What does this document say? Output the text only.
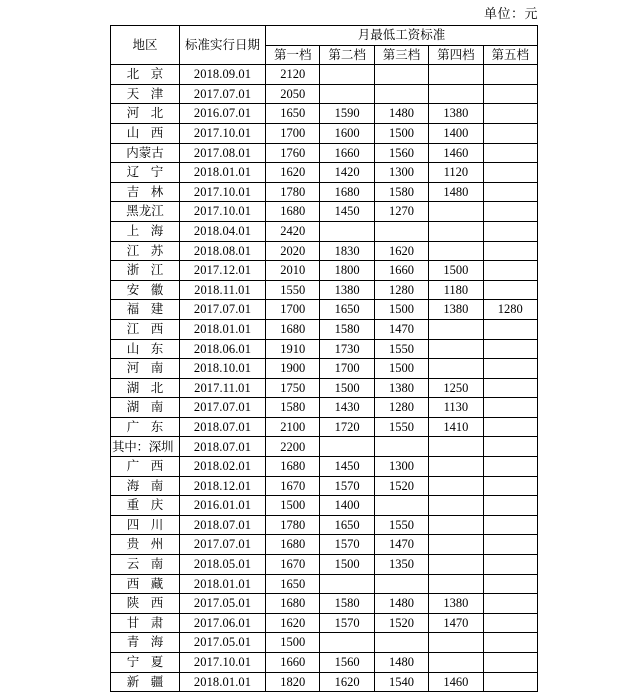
单位：元
地区	标准实行日期	月最低工资标准				
		第一档	第二档	第三档	第四档	第五档
北 京	2018.09.01	2120				
天 津	2017.07.01	2050				
河 北	2016.07.01	1650	1590	1480	1380	
山 西	2017.10.01	1700	1600	1500	1400	
内蒙古	2017.08.01	1760	1660	1560	1460	
辽 宁	2018.01.01	1620	1420	1300	1120	
吉 林	2017.10.01	1780	1680	1580	1480	
黑龙江	2017.10.01	1680	1450	1270		
上 海	2018.04.01	2420				
江 苏	2018.08.01	2020	1830	1620		
浙 江	2017.12.01	2010	1800	1660	1500	
安 徽	2018.11.01	1550	1380	1280	1180	
福 建	2017.07.01	1700	1650	1500	1380	1280
江 西	2018.01.01	1680	1580	1470		
山 东	2018.06.01	1910	1730	1550		
河 南	2018.10.01	1900	1700	1500		
湖 北	2017.11.01	1750	1500	1380	1250	
湖 南	2017.07.01	1580	1430	1280	1130	
广 东	2018.07.01	2100	1720	1550	1410	
其中：深圳	2018.07.01	2200				
广 西	2018.02.01	1680	1450	1300		
海 南	2018.12.01	1670	1570	1520		
重 庆	2016.01.01	1500	1400			
四 川	2018.07.01	1780	1650	1550		
贵 州	2017.07.01	1680	1570	1470		
云 南	2018.05.01	1670	1500	1350		
西 藏	2018.01.01	1650				
陕 西	2017.05.01	1680	1580	1480	1380	
甘 肃	2017.06.01	1620	1570	1520	1470	
青 海	2017.05.01	1500				
宁 夏	2017.10.01	1660	1560	1480		
新 疆	2018.01.01	1820	1620	1540	1460	
